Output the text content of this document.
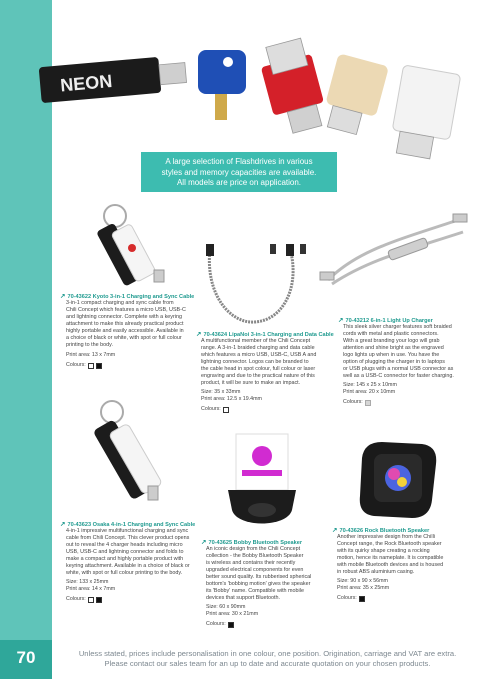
70
NEON
A large selection of Flashdrives in various
styles and memory capacities are available.
All models are price on application.
↗ 70-43622 Kyoto 3-in-1 Charging and Sync Cable
3-in-1 compact charging and sync cable from
Chili Concept which features a micro USB, USB-C
and lightning connector. Complete with a keyring
attachment to make this already practical product
highly portable and easily accessible. Available in
a choice of black or white, with spot or full colour
printing to the body.
Print area: 13 x 7mm
Colours:
↗ 70-43624 LipaNoi 3-in-1 Charging and Data Cable
A multifunctional member of the Chili Concept
range. A 3-in-1 braided charging and data cable
which features a micro USB, USB-C, USB A and
lightning connector. Logos can be branded to
the cable head in spot colour, full colour or laser
engraving and due to the practical nature of this
product, it will be sure to make an impact.
Size: 35 x 33mm
Print area: 12.5 x 19.4mm
Colours:
↗ 70-43212 6-in-1 Light Up Charger
This sleek silver charger features soft braided
cords with metal and plastic connectors.
With a great branding your logo will grab
attention and shine bright as the engraved
logo lights up when in use. You have the
option of plugging the charger in to laptops
or USB plugs with a normal USB connector as
well as a USB-C connector for faster charging.
Size: 145 x 25 x 10mm
Print area: 20 x 10mm
Colours:
↗ 70-43623 Osaka 4-in-1 Charging and Sync Cable
4-in-1 impressive multifunctional charging and sync
cable from Chili Concept. This clever product opens
out to reveal the 4 charger heads including micro
USB, USB-C and lightning connector and folds to
make a compact and highly portable product with
keyring attachment. Available in a choice of black or
white, with spot or full colour printing to the body.
Size: 133 x 25mm
Print area: 14 x 7mm
Colours:
↗ 70-43625 Bobby Bluetooth Speaker
An iconic design from the Chili Concept
collection - the Bobby Bluetooth Speaker
is wireless and contains their recently
upgraded electrical components for even
better sound quality. Its rubberised spherical
bottom's 'bobbing motion' gives the speaker
its 'Bobby' name. Compatible with mobile
devices that support Bluetooth.
Size: 60 x 90mm
Print area: 30 x 21mm
Colours:
↗ 70-43626 Rock Bluetooth Speaker
Another impressive design from the Chilli
Concept range, the Rock Bluetooth speaker
with its quirky shape creating a rocking
motion, hence its nameplate. It is compatible
with mobile Bluetooth devices and is housed
in robust ABS aluminium casing.
Size: 90 x 90 x 56mm
Print area: 35 x 25mm
Colours:
Unless stated, prices include personalisation in one colour, one position. Origination, carriage and VAT are extra.
Please contact our sales team for an up to date and accurate quotation on your chosen products.
